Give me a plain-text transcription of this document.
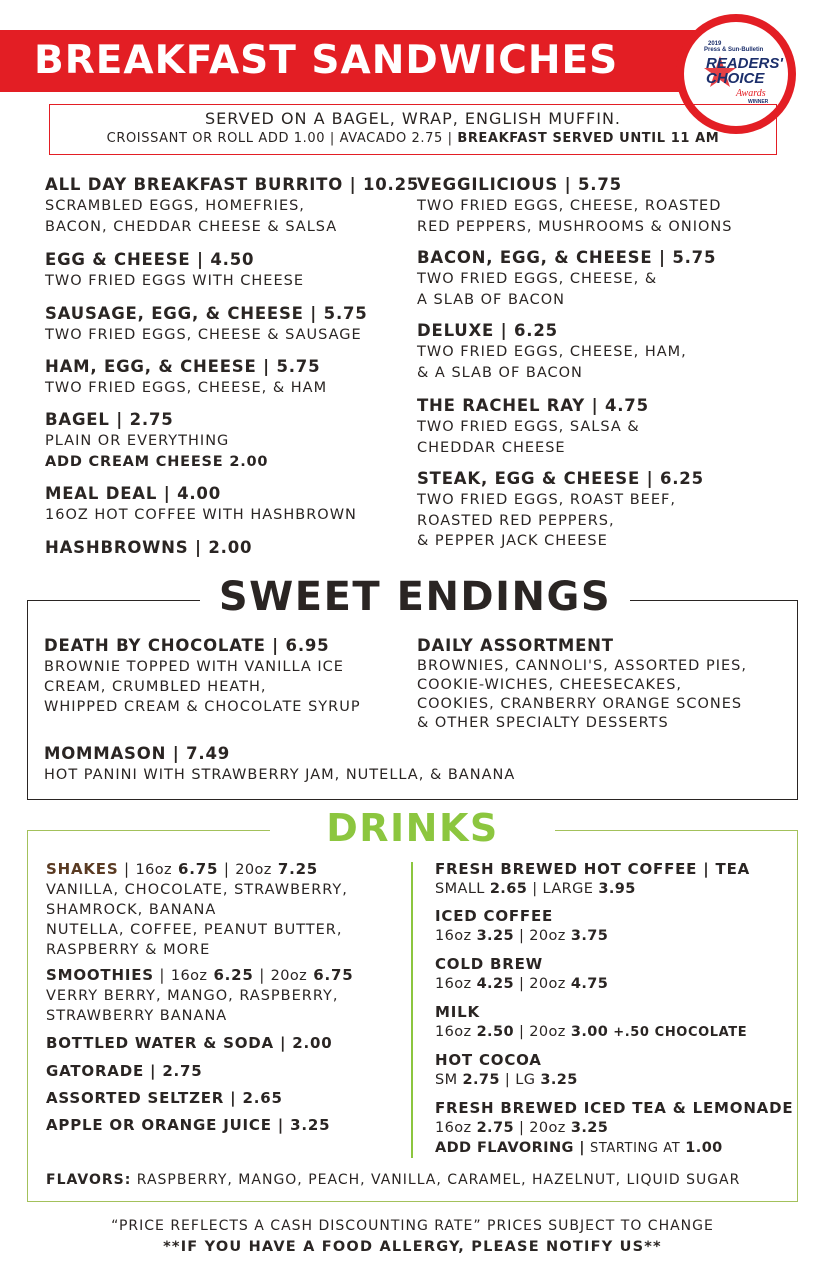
BREAKFAST SANDWICHES	2019
Press & Sun-Bulletin
READERS'
CHOICE
Awards
WINNER
SERVED ON A BAGEL, WRAP, ENGLISH MUFFIN.
CROISSANT OR ROLL ADD 1.00 | AVACADO 2.75 | BREAKFAST SERVED UNTIL 11 AM
ALL DAY BREAKFAST BURRITO | 10.25
SCRAMBLED EGGS, HOMEFRIES,
BACON, CHEDDAR CHEESE & SALSA
EGG & CHEESE | 4.50
TWO FRIED EGGS WITH CHEESE
SAUSAGE, EGG, & CHEESE | 5.75
TWO FRIED EGGS, CHEESE & SAUSAGE
HAM, EGG, & CHEESE | 5.75
TWO FRIED EGGS, CHEESE, & HAM
BAGEL | 2.75
PLAIN OR EVERYTHING
ADD CREAM CHEESE 2.00
MEAL DEAL | 4.00
16OZ HOT COFFEE WITH HASHBROWN
HASHBROWNS | 2.00
VEGGILICIOUS | 5.75
TWO FRIED EGGS, CHEESE, ROASTED
RED PEPPERS, MUSHROOMS & ONIONS
BACON, EGG, & CHEESE | 5.75
TWO FRIED EGGS, CHEESE, &
A SLAB OF BACON
DELUXE | 6.25
TWO FRIED EGGS, CHEESE, HAM,
& A SLAB OF BACON
THE RACHEL RAY | 4.75
TWO FRIED EGGS, SALSA &
CHEDDAR CHEESE
STEAK, EGG & CHEESE | 6.25
TWO FRIED EGGS, ROAST BEEF,
ROASTED RED PEPPERS,
& PEPPER JACK CHEESE
SWEET ENDINGS
DEATH BY CHOCOLATE | 6.95
BROWNIE TOPPED WITH VANILLA ICE
CREAM, CRUMBLED HEATH,
WHIPPED CREAM & CHOCOLATE SYRUP
DAILY ASSORTMENT
BROWNIES, CANNOLI'S, ASSORTED PIES,
COOKIE-WICHES, CHEESECAKES,
COOKIES, CRANBERRY ORANGE SCONES
& OTHER SPECIALTY DESSERTS
MOMMASON | 7.49
HOT PANINI WITH STRAWBERRY JAM, NUTELLA, & BANANA
DRINKS
SHAKES | 16oz 6.75 | 20oz 7.25
VANILLA, CHOCOLATE, STRAWBERRY,
SHAMROCK, BANANA
NUTELLA, COFFEE, PEANUT BUTTER,
RASPBERRY & MORE
SMOOTHIES | 16oz 6.25 | 20oz 6.75
VERRY BERRY, MANGO, RASPBERRY,
STRAWBERRY BANANA
BOTTLED WATER & SODA | 2.00
GATORADE | 2.75
ASSORTED SELTZER | 2.65
APPLE OR ORANGE JUICE | 3.25
FRESH BREWED HOT COFFEE | TEA
SMALL 2.65 | LARGE 3.95
ICED COFFEE
16oz 3.25 | 20oz 3.75
COLD BREW
16oz 4.25 | 20oz 4.75
MILK
16oz 2.50 | 20oz 3.00 +.50 CHOCOLATE
HOT COCOA
SM 2.75 | LG 3.25
FRESH BREWED ICED TEA & LEMONADE
16oz 2.75 | 20oz 3.25
ADD FLAVORING | STARTING AT 1.00
FLAVORS: RASPBERRY, MANGO, PEACH, VANILLA, CARAMEL, HAZELNUT, LIQUID SUGAR
“PRICE REFLECTS A CASH DISCOUNTING RATE” PRICES SUBJECT TO CHANGE
**IF YOU HAVE A FOOD ALLERGY, PLEASE NOTIFY US**
